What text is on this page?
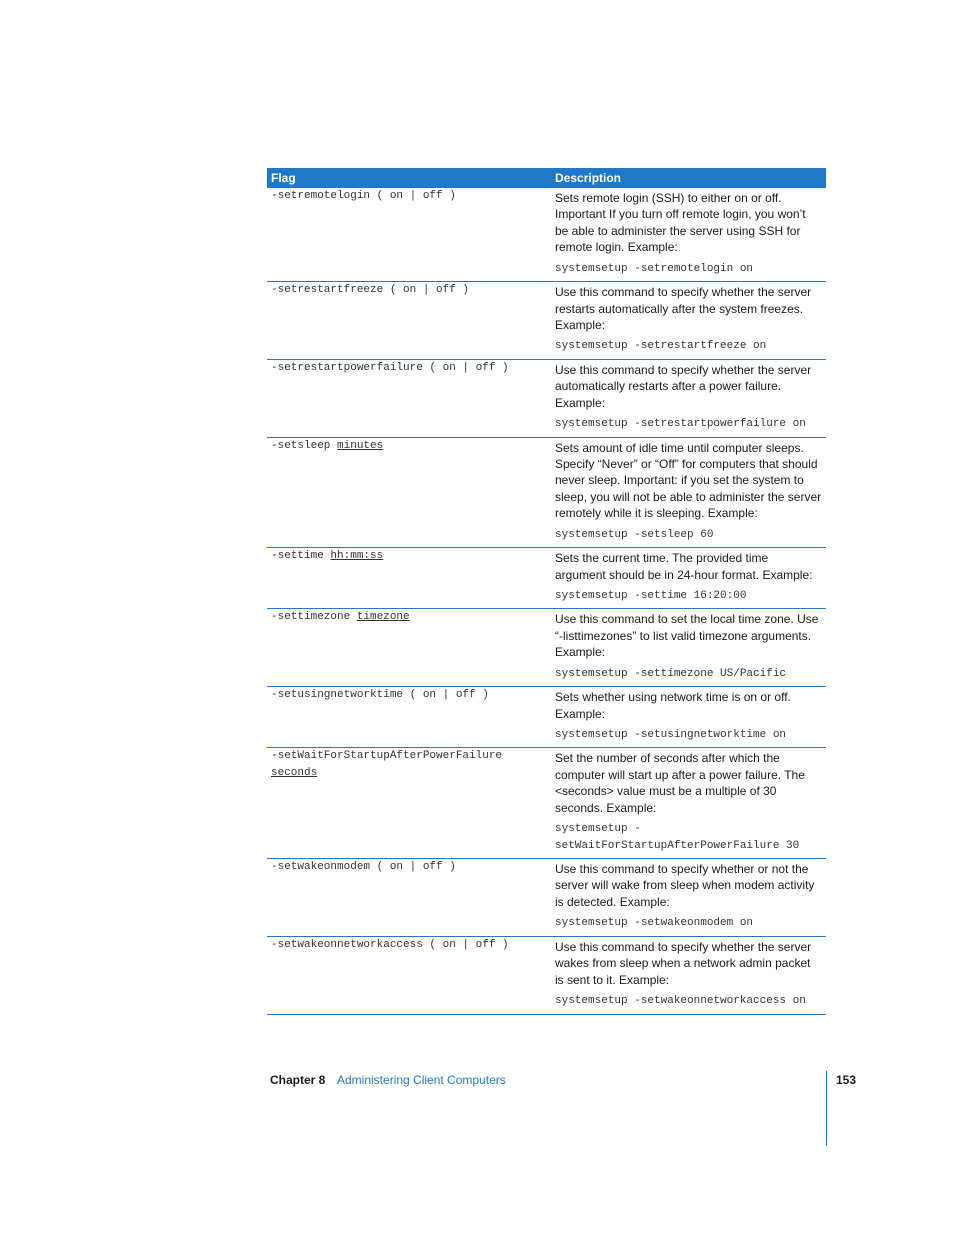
Flag	Description
-setremotelogin ( on | off )	Sets remote login (SSH) to either on or off. Important If you turn off remote login, you won’t be able to administer the server using SSH for remote login. Example:
systemsetup -setremotelogin on

-setrestartfreeze ( on | off )	Use this command to specify whether the server restarts automatically after the system freezes. Example:
systemsetup -setrestartfreeze on

-setrestartpowerfailure ( on | off )	Use this command to specify whether the server automatically restarts after a power failure. Example:
systemsetup -setrestartpowerfailure on

-setsleep minutes	Sets amount of idle time until computer sleeps. Specify “Never” or “Off” for computers that should never sleep. Important: if you set the system to sleep, you will not be able to administer the server remotely while it is sleeping. Example:
systemsetup -setsleep 60

-settime hh:mm:ss	Sets the current time. The provided time argument should be in 24-hour format. Example:
systemsetup -settime 16:20:00

-settimezone timezone	Use this command to set the local time zone. Use “-listtimezones” to list valid timezone arguments. Example:
systemsetup -settimezone US/Pacific

-setusingnetworktime ( on | off )	Sets whether using network time is on or off. Example:
systemsetup -setusingnetworktime on

-setWaitForStartupAfterPowerFailure seconds	Set the number of seconds after which the computer will start up after a power failure. The <seconds> value must be a multiple of 30 seconds. Example:
systemsetup -
setWaitForStartupAfterPowerFailure 30

-setwakeonmodem ( on | off )	Use this command to specify whether or not the server will wake from sleep when modem activity is detected. Example:
systemsetup -setwakeonmodem on

-setwakeonnetworkaccess ( on | off )	Use this command to specify whether the server wakes from sleep when a network admin packet is sent to it. Example:
systemsetup -setwakeonnetworkaccess on
Chapter 8 Administering Client Computers	153
